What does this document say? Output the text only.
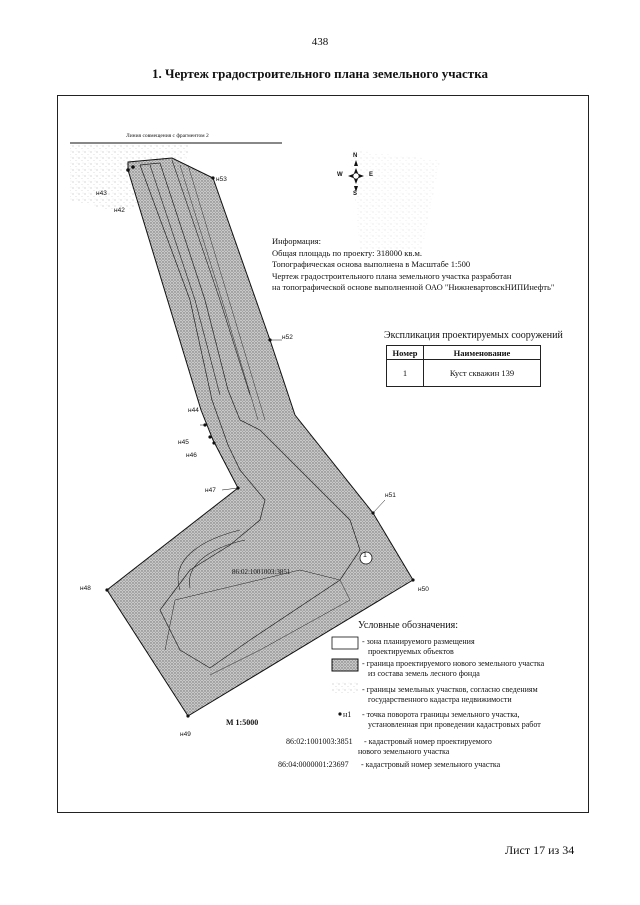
438
1. Чертеж градостроительного плана земельного участка
N
S
W	E
Линия совмещения с фрагментом 2
н43
н42
н53
н52
н44
н45
н46
н47
н51
н48	н50
н49
1
86:02:1001003:3851
М 1:5000
Информация:
Общая площадь по проекту: 318000 кв.м.
Топографическая основа выполнена в Масштабе 1:500
Чертеж градостроительного плана земельного участка разработан
на топографической основе выполненной ОАО "НижневартовскНИПИнефть"
Экспликация проектируемых сооружений
Номер	Наименование
1	Куст скважин 139
Условные обозначения:
- зона планируемого размещения
проектируемых объектов
- граница проектируемого нового земельного участка
из состава земель лесного фонда
- границы земельных участков, согласно сведениям
государственного кадастра недвижимости
н1 - точка поворота границы земельного участка,
установленная при проведении кадастровых работ
86:02:1001003:3851 - кадастровый номер проектируемого
нового земельного участка
86:04:0000001:23697 - кадастровый номер земельного участка
Лист 17 из 34
